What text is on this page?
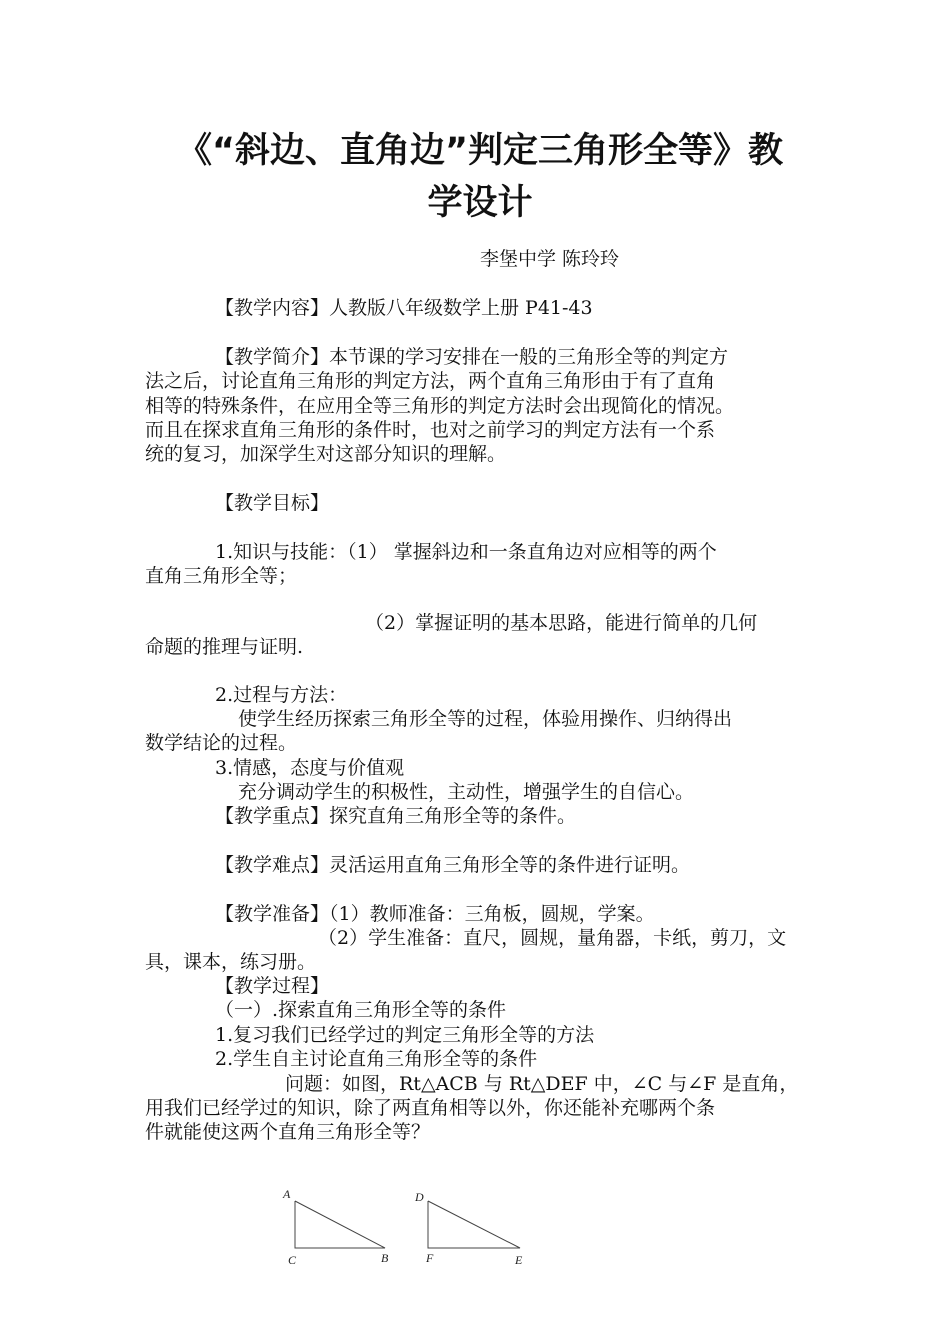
《“斜边、直角边”判定三角形全等》教
学设计
李堡中学 陈玲玲
【教学内容】人教版八年级数学上册 P41-43
【教学简介】本节课的学习安排在一般的三角形全等的判定方
法之后，讨论直角三角形的判定方法，两个直角三角形由于有了直角
相等的特殊条件，在应用全等三角形的判定方法时会出现简化的情况。
而且在探求直角三角形的条件时，也对之前学习的判定方法有一个系
统的复习，加深学生对这部分知识的理解。
【教学目标】
1.知识与技能：（1） 掌握斜边和一条直角边对应相等的两个
直角三角形全等；
（2）掌握证明的基本思路，能进行简单的几何
命题的推理与证明.
2.过程与方法：
使学生经历探索三角形全等的过程，体验用操作、归纳得出
数学结论的过程。
3.情感，态度与价值观
充分调动学生的积极性，主动性，增强学生的自信心。
【教学重点】探究直角三角形全等的条件。
【教学难点】灵活运用直角三角形全等的条件进行证明。
【教学准备】（1）教师准备：三角板，圆规，学案。
（2）学生准备：直尺，圆规，量角器，卡纸，剪刀，文
具，课本，练习册。
【教学过程】
（一）.探索直角三角形全等的条件
1.复习我们已经学过的判定三角形全等的方法
2.学生自主讨论直角三角形全等的条件
问题：如图，Rt△ACB 与 Rt△DEF 中，∠C 与∠F 是直角，
用我们已经学过的知识，除了两直角相等以外，你还能补充哪两个条
件就能使这两个直角三角形全等？
A
C	B
D
F	E
